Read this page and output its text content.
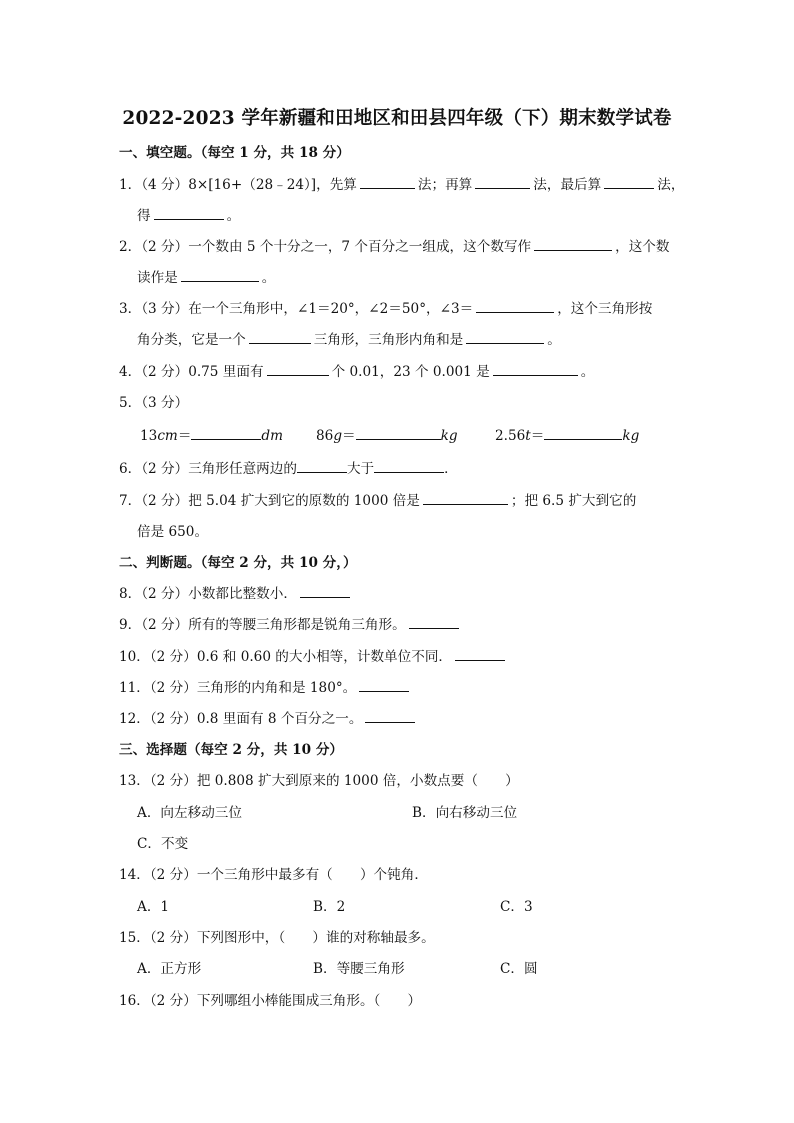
2022-2023 学年新疆和田地区和田县四年级（下）期末数学试卷
一、填空题。（每空 1 分，共 18 分）
1．（4 分）8×[16+（28﹣24）]，先算	法；再算	法，最后算	法，
得	。
2．（2 分）一个数由 5 个十分之一，7 个百分之一组成，这个数写作	，这个数
读作是	。
3．（3 分）在一个三角形中，∠1＝20°，∠2＝50°，∠3＝	，这个三角形按
角分类，它是一个	三角形，三角形内角和是	。
4．（2 分）0.75 里面有	个 0.01，23 个 0.001 是	。
5．（3 分）
13cm＝	dm 86g＝	kg	2.56t＝	kg
6．（2 分）三角形任意两边的	大于	．
7．（2 分）把 5.04 扩大到它的原数的 1000 倍是	；把 6.5 扩大到它的
倍是 650。
二、判断题。（每空 2 分，共 10 分，）
8．（2 分）小数都比整数小．
9．（2 分）所有的等腰三角形都是锐角三角形。
10．（2 分）0.6 和 0.60 的大小相等，计数单位不同．
11．（2 分）三角形的内角和是 180°。
12．（2 分）0.8 里面有 8 个百分之一。
三、选择题（每空 2 分，共 10 分）
13．（2 分）把 0.808 扩大到原来的 1000 倍，小数点要（　　）
A．向左移动三位	B．向右移动三位
C．不变
14．（2 分）一个三角形中最多有（　　）个钝角．
A．1	B．2	C．3
15．（2 分）下列图形中，（　　）谁的对称轴最多。
A．正方形	B．等腰三角形	C．圆
16．（2 分）下列哪组小棒能围成三角形。（　　）
